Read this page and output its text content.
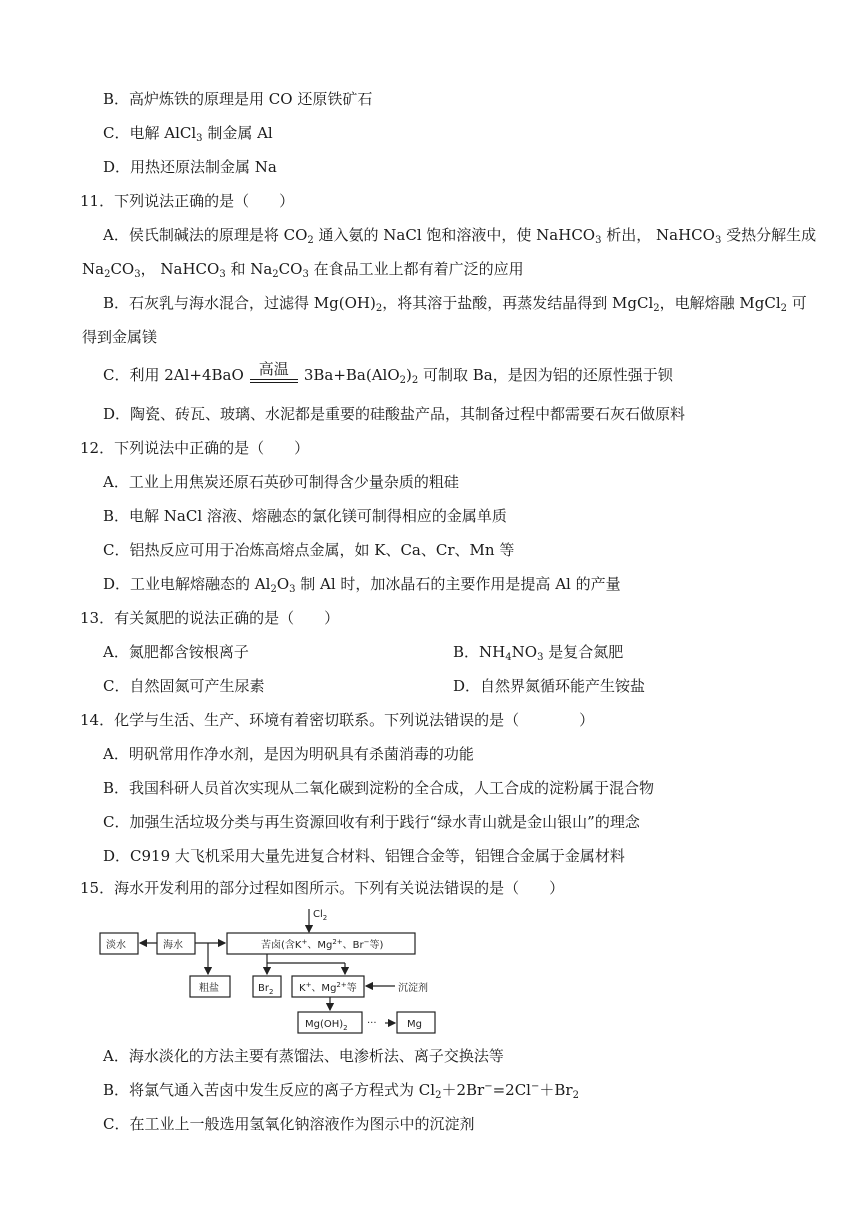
B．高炉炼铁的原理是用 CO 还原铁矿石
C．电解 AlCl$_3$ 制金属 Al
D．用热还原法制金属 Na
11．下列说法正确的是（　　）
A．侯氏制碱法的原理是将 $CO_2$ 通入氨的 NaCl 饱和溶液中，使 NaHCO$_3$ 析出， NaHCO$_3$ 受热分解生成
$Na_2CO_3$， NaHCO$_3$ 和 $Na_2CO_3$ 在食品工业上都有着广泛的应用
B．石灰乳与海水混合，过滤得 $Mg(OH)_2$，将其溶于盐酸，再蒸发结晶得到 MgCl$_2$，电解熔融 MgCl$_2$ 可
得到金属镁
C．利用 2Al+4BaO 高温	$3Ba+Ba(AlO_2)_2$ 可制取 Ba，是因为铝的还原性强于钡
D．陶瓷、砖瓦、玻璃、水泥都是重要的硅酸盐产品，其制备过程中都需要石灰石做原料
12．下列说法中正确的是（　　）
A．工业上用焦炭还原石英砂可制得含少量杂质的粗硅
B．电解 NaCl 溶液、熔融态的氯化镁可制得相应的金属单质
C．铝热反应可用于冶炼高熔点金属，如 K、Ca、Cr、Mn 等
D．工业电解熔融态的 $Al_2O_3$ 制 Al 时，加冰晶石的主要作用是提高 Al 的产量
13．有关氮肥的说法正确的是（　　）
A．氮肥都含铵根离子	B．$NH_4NO_3$ 是复合氮肥
C．自然固氮可产生尿素	D．自然界氮循环能产生铵盐
14．化学与生活、生产、环境有着密切联系。下列说法错误的是（　　　　）
A．明矾常用作净水剂，是因为明矾具有杀菌消毒的功能
B．我国科研人员首次实现从二氧化碳到淀粉的全合成，人工合成的淀粉属于混合物
C．加强生活垃圾分类与再生资源回收有利于践行“绿水青山就是金山银山”的理念
D．C919 大飞机采用大量先进复合材料、铝锂合金等，铝锂合金属于金属材料
15．海水开发利用的部分过程如图所示。下列有关说法错误的是（　　）
$Cl_2$
淡水	海水	苦卤(含K+、$Mg^{2+}$、Br−等)
粗盐	$Br_2$	K+、$Mg^{2+}$等	沉淀剂
$Mg(OH)_2$ ···	Mg
A．海水淡化的方法主要有蒸馏法、电渗析法、离子交换法等
B．将氯气通入苦卤中发生反应的离子方程式为 $Cl_2+2Br^-=2Cl^-+Br_2$
C．在工业上一般选用氢氧化钠溶液作为图示中的沉淀剂
